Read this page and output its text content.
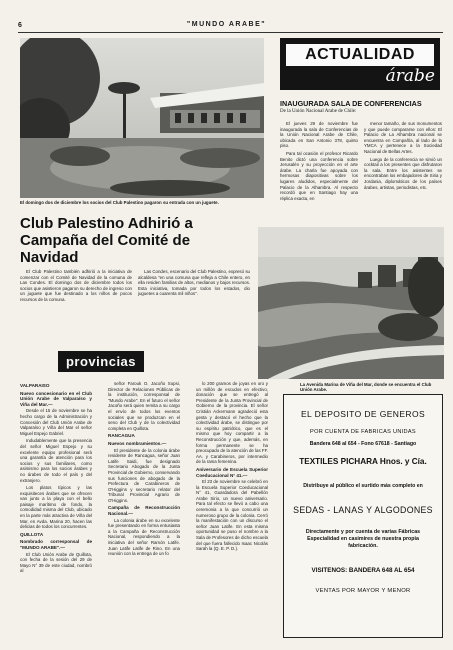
6	"MUNDO ARABE"
El domingo dos de diciembre los socios del Club Palestino pagaron su entrada con un juguete.
ACTUALIDAD
árabe
INAUGURADA SALA DE CONFERENCIAS
De la Unión Nacional Arabe de Chile:

El jueves 29 de noviembre fue inaugurada la sala de Conferencias de la Unión Nacional Arabe de Chile, ubicada en San Antonio 378, quinto piso.

Para tal ocasión el profesor Ricardo Benito dictó una conferencia sobre Jerusalén y su proyección en el arte árabe. La charla fue apoyada con hermosas diapositivas sobre los lugares aludidos, especialmente del Palacio de la Alhambra. Al respecto recordó que en Santiago hay una réplica exacta, en

menor tamaño, de sus monumentos y que puede compararse con ellos: El Palacio de La Alhambra nacional se encuentra en Compañía, al lado de la YMCA y pertenece a la Sociedad Nacional de Bellas Artes.

Luego de la conferencia se sirvió un cocktail a los presentes que disfrutaron la sala. Entre los asistentes se encontraban los embajadores de Siria y Jordania, diplomáticos de los países árabes, artistas, periodistas, etc.

Club Palestino Adhirió a Campaña del Comité de Navidad

El Club Palestino también adhirió a la iniciativa de comenzar con el Comité de Navidad de la comuna de Las Condes. El domingo dos de diciembre todos los socios que asistieron pagaron su derecho de ingreso con un juguete que fue destinado a los niños de pocos recursos de la comuna.

Las Condes, escenario del Club Palestino, expresó su alcaldesa "en una comuna que refleja a Chile entero, en ella residen familias de altos, medianos y bajos recursos. Esta iniciativa, tomada por todos los estados, dio juguetes a cuarenta mil niños".

La Avenida Marina de Viña del Mar, donde se encuentra el Club Unión Arabe.
provincias
VALPARAISO
Nuevo concesionario en el Club Unión Arabe de Valparaíso y Viña del Mar.—

Desde el 15 de noviembre se ha hecho cargo de la Administración y Concesión del Club Unión Arabe de Valparaíso y Viña del Mar el señor Miguel Espejo Gabriel.

Indudablemente que la presencia del señor Miguel Espejo y su excelente equipo profesional será una garantía de atención para los socios y sus familiares, como asimismo para los socios árabes y no árabes de todo el país y del extranjero.

Los platos típicos y las exquisiteces árabes que se ofrecen van junto a la playa con el bello paisaje marítimo de fondo, la comodidad misma del Club, ubicado en la parte más atractiva de Viña del Mar, en Avda. Marina 20, hacen las delicias de todos los concurrentes.

QUILLOTA
Nombrado corresponsal de "MUNDO ARABE".—

El Club Unión Arabe de Quillota, con fecha de la sesión del 29 de Mayo N° 39 de este ciudad, nombró al

señor Farouk O. Jacoño Sopsi, Director de Relaciones Públicas de la institución, corresponsal de "Mundo Arabe". En el futuro el señor Jacoño será quien remita a su cargo el envío de todos los eventos sociales que se produzcan en el seno del Club y de la colectividad completa en Quillota.

RANCAGUA
Nuevos nombramientos.—

El presidente de la colonia árabe residente de Rancagua, señor Juan Latife Saidi, fue designado Secretario Abogado de la Junta Provincial de Gobierno, conservando sus funciones de abogado de la Prefectura de Carabineros de O'Higgins y secretario relator del Tribunal Provincial Agrario de O'Higgins.

Campaña de Reconstrucción Nacional.—

La colonia árabe en su excelente fue presentando en forma entusiasta a la Campaña de Reconstrucción Nacional, respondiendo a la iniciativa del señor Ramón Latife. Juan Latife Latife de Rino. En una reunión con la entrega de un fo

lo 200 gramos de joyas en oro y un millón de escudos en efectivo, donación que se entregó al Presidente de la Junta Provincial de Gobierno de la provincia. El señor Cristián Ackermann agradeció esta gesta y destacó el hecho que la colectividad árabe, se distingue por su espíritu patriótico, que es el mismo que hoy compartir a la Reconstrucción y que, además, en forma permanente se ha preocupado de la atención de las FF. AA. y Carabineros, por intermedio de la rama femenina.

Aniversario de Escuela Superior Coeducacional N° 41.—

El 23 de noviembre se celebró en la Escuela Superior Coeducacional N° 41, Guardadora del Pabellón Arabe Sirio, un nuevo aniversario. Para tal efecto se llevó a cabo una ceremonia a la que concurrió un numeroso grupo de la colonia. Cerró la manifestación con un discurso el señor Juan Latife. En esta misma oportunidad se puso el nombre a la Sala de Profesores de dicho escuela del que fuera fallecido Isaac Nicolás Sarah la (Q. E. P. D.).

EL DEPOSITO DE GENEROS
POR CUENTA DE FABRICAS UNIDAS
Bandera 648 al 654 - Fono 67618 - Santiago
TEXTILES PICHARA Hnos. y Cía.
Distribuye al público el surtido más completo en
SEDAS - LANAS Y ALGODONES
Directamente y por cuenta de varias Fábricas Especialidad en casimires de nuestra propia fabricación.
VISITENOS: BANDERA 648 AL 654
VENTAS POR MAYOR Y MENOR
